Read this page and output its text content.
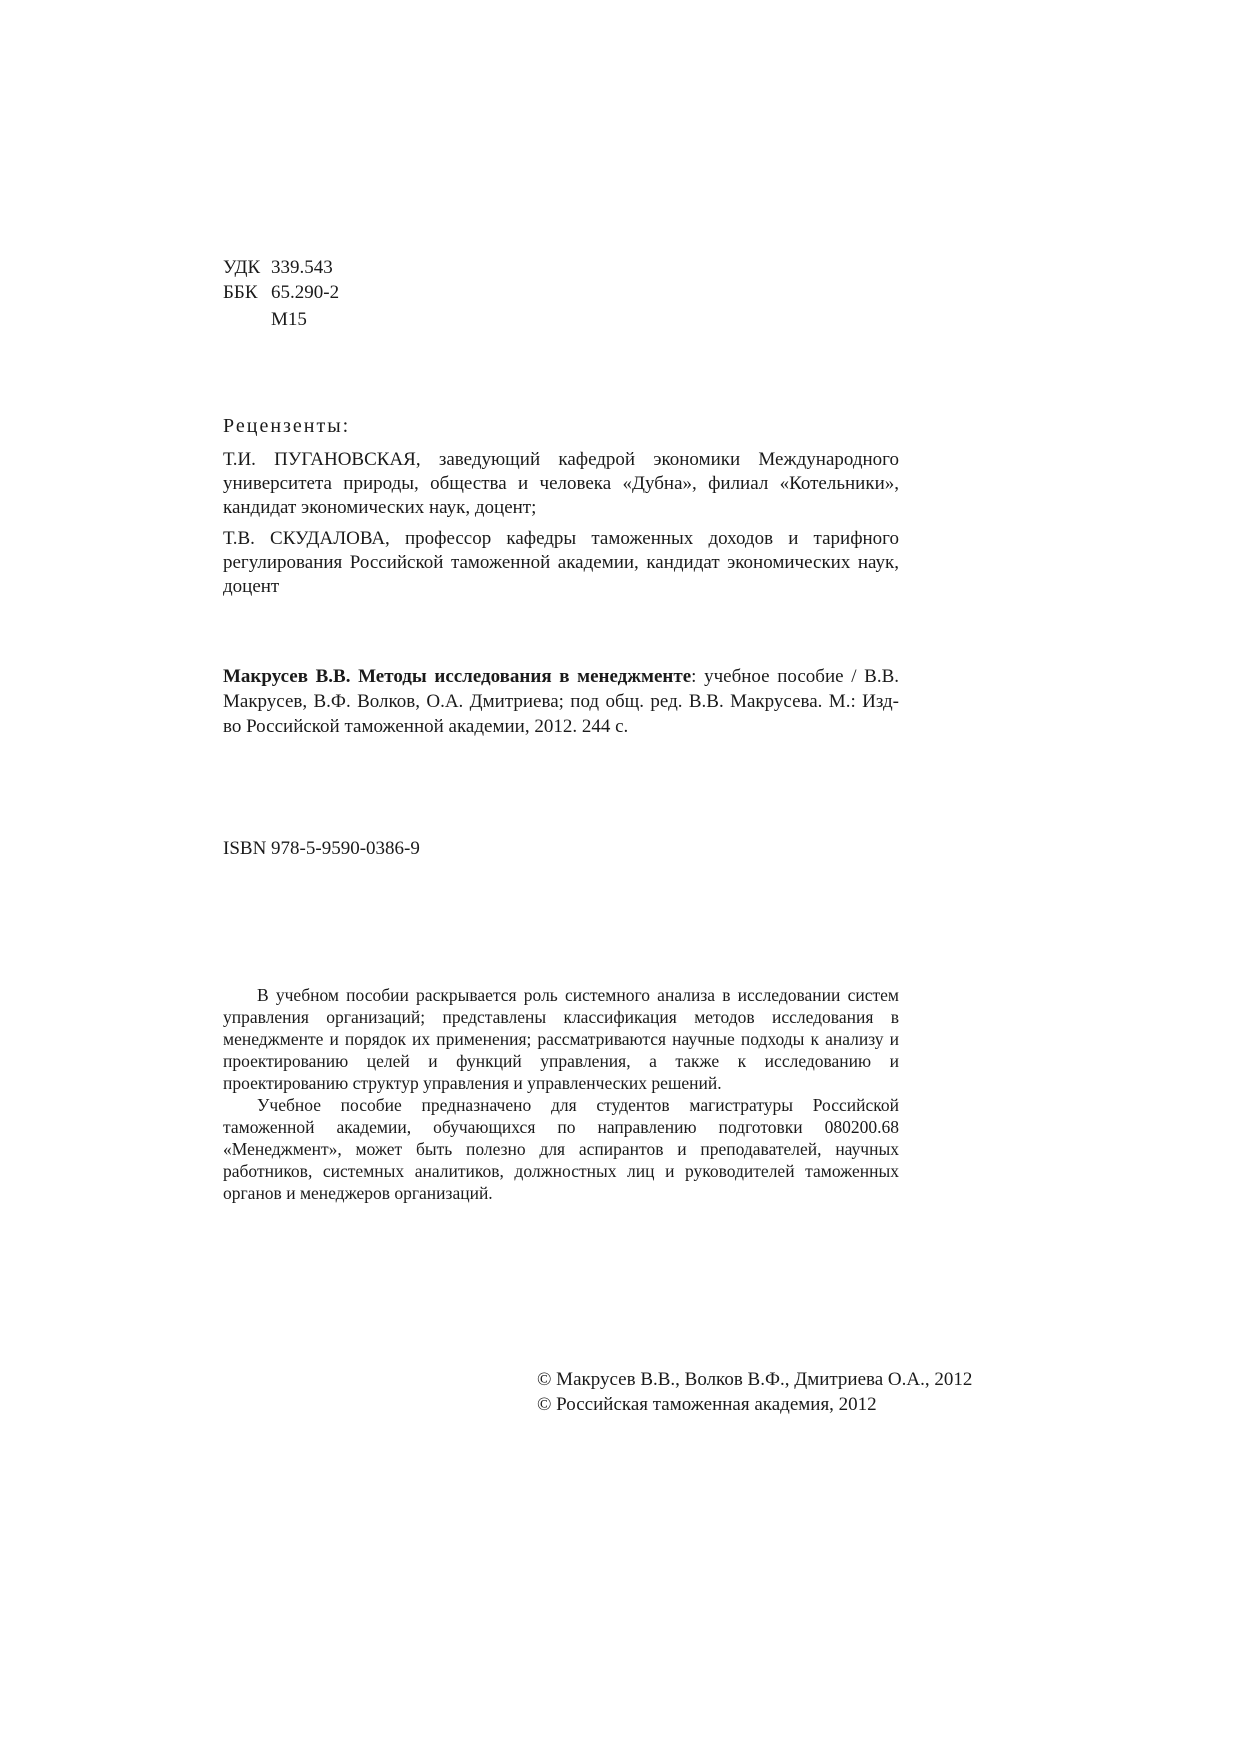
УДК 339.543
ББК 65.290-2
М15
Рецензенты:

Т.И. ПУГАНОВСКАЯ, заведующий кафедрой экономики Международного университета природы, общества и человека «Дубна», филиал «Котельники», кандидат экономических наук, доцент;

Т.В. СКУДАЛОВА, профессор кафедры таможенных доходов и тарифного регулирования Российской таможенной академии, кандидат экономических наук, доцент

Макрусев В.В. Методы исследования в менеджменте: учебное пособие / В.В. Макрусев, В.Ф. Волков, О.А. Дмитриева; под общ. ред. В.В. Макрусева. М.: Изд-во Российской таможенной академии, 2012. 244 с.

ISBN 978-5-9590-0386-9

В учебном пособии раскрывается роль системного анализа в исследовании систем управления организаций; представлены классификация методов исследования в менеджменте и порядок их применения; рассматриваются научные подходы к анализу и проектированию целей и функций управления, а также к исследованию и проектированию структур управления и управленческих решений.

Учебное пособие предназначено для студентов магистратуры Российской таможенной академии, обучающихся по направлению подготовки 080200.68 «Менеджмент», может быть полезно для аспирантов и преподавателей, научных работников, системных аналитиков, должностных лиц и руководителей таможенных органов и менеджеров организаций.

© Макрусев В.В., Волков В.Ф., Дмитриева О.А., 2012
© Российская таможенная академия, 2012
